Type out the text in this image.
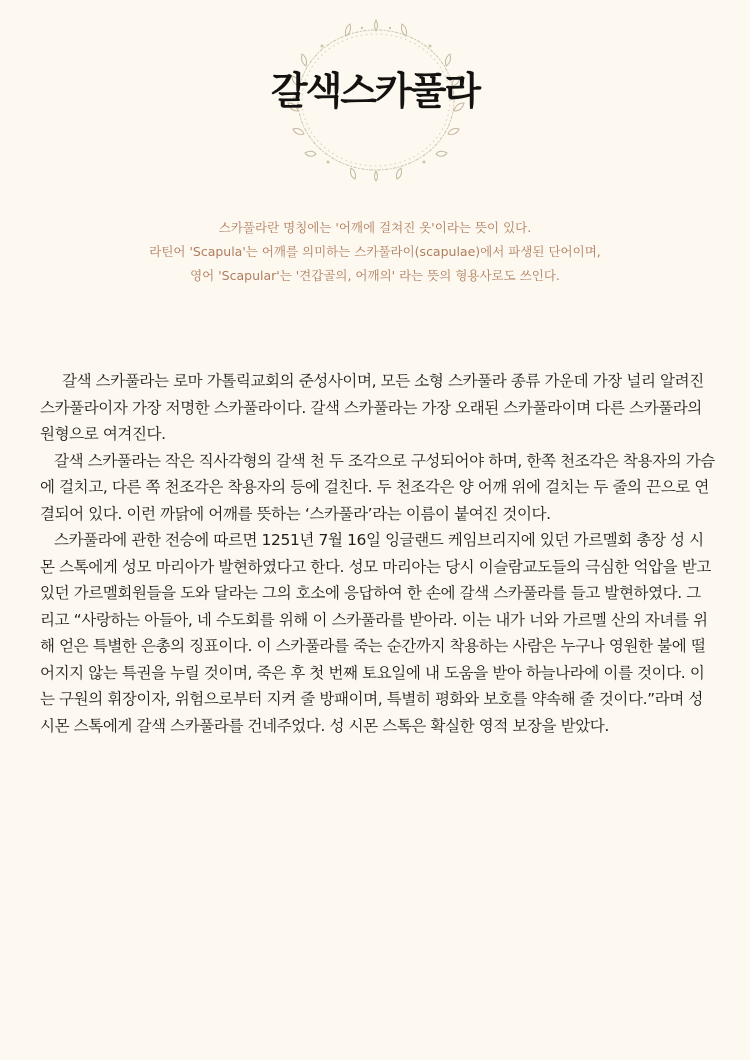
갈색스카풀라

스카풀라란 명칭에는 '어깨에 걸쳐진 옷'이라는 뜻이 있다.

라틴어 'Scapula'는 어깨를 의미하는 스카풀라이(scapulae)에서 파생된 단어이며,

영어 'Scapular'는 '견갑골의, 어깨의' 라는 뜻의 형용사로도 쓰인다.

갈색 스카풀라는 로마 가톨릭교회의 준성사이며, 모든 소형 스카풀라 종류 가운데 가장 널리 알려진 스카풀라이자 가장 저명한 스카풀라이다. 갈색 스카풀라는 가장 오래된 스카풀라이며 다른 스카풀라의 원형으로 여겨진다.

갈색 스카풀라는 작은 직사각형의 갈색 천 두 조각으로 구성되어야 하며, 한쪽 천조각은 착용자의 가슴에 걸치고, 다른 쪽 천조각은 착용자의 등에 걸친다. 두 천조각은 양 어깨 위에 걸치는 두 줄의 끈으로 연결되어 있다. 이런 까닭에 어깨를 뜻하는 ‘스카풀라’라는 이름이 붙여진 것이다.

스카풀라에 관한 전승에 따르면 1251년 7월 16일 잉글랜드 케임브리지에 있던 가르멜회 총장 성 시몬 스톡에게 성모 마리아가 발현하였다고 한다. 성모 마리아는 당시 이슬람교도들의 극심한 억압을 받고 있던 가르멜회원들을 도와 달라는 그의 호소에 응답하여 한 손에 갈색 스카풀라를 들고 발현하였다. 그리고 “사랑하는 아들아, 네 수도회를 위해 이 스카풀라를 받아라. 이는 내가 너와 가르멜 산의 자녀를 위해 얻은 특별한 은총의 징표이다. 이 스카풀라를 죽는 순간까지 착용하는 사람은 누구나 영원한 불에 떨어지지 않는 특권을 누릴 것이며, 죽은 후 첫 번째 토요일에 내 도움을 받아 하늘나라에 이를 것이다. 이는 구원의 휘장이자, 위험으로부터 지켜 줄 방패이며, 특별히 평화와 보호를 약속해 줄 것이다.”라며 성 시몬 스톡에게 갈색 스카풀라를 건네주었다. 성 시몬 스톡은 확실한 영적 보장을 받았다.
